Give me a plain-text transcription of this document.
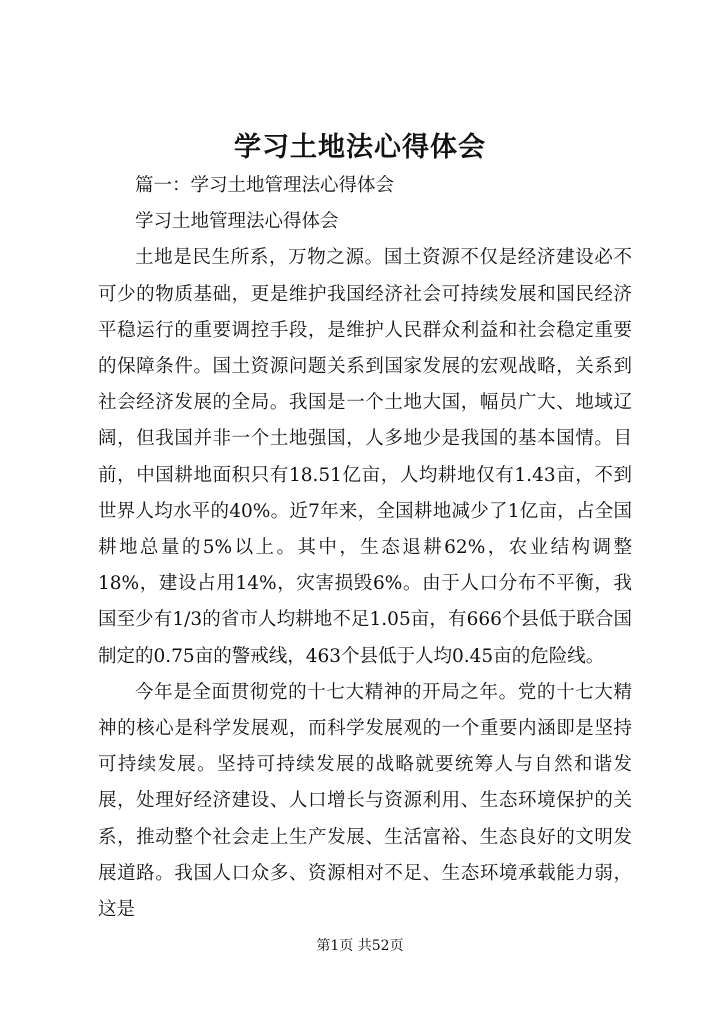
学习土地法心得体会

篇一：学习土地管理法心得体会

学习土地管理法心得体会

土地是民生所系，万物之源。国土资源不仅是经济建设必不可少的物质基础，更是维护我国经济社会可持续发展和国民经济平稳运行的重要调控手段，是维护人民群众利益和社会稳定重要的保障条件。国土资源问题关系到国家发展的宏观战略，关系到社会经济发展的全局。我国是一个土地大国，幅员广大、地域辽阔，但我国并非一个土地强国，人多地少是我国的基本国情。目前，中国耕地面积只有18.51亿亩，人均耕地仅有1.43亩，不到世界人均水平的40%。近7年来，全国耕地减少了1亿亩，占全国耕地总量的5%以上。其中，生态退耕62%，农业结构调整18%，建设占用14%，灾害损毁6%。由于人口分布不平衡，我国至少有1/3的省市人均耕地不足1.05亩，有666个县低于联合国制定的0.75亩的警戒线，463个县低于人均0.45亩的危险线。

今年是全面贯彻党的十七大精神的开局之年。党的十七大精神的核心是科学发展观，而科学发展观的一个重要内涵即是坚持可持续发展。坚持可持续发展的战略就要统筹人与自然和谐发展，处理好经济建设、人口增长与资源利用、生态环境保护的关系，推动整个社会走上生产发展、生活富裕、生态良好的文明发展道路。我国人口众多、资源相对不足、生态环境承载能力弱，这是

第1页 共52页
